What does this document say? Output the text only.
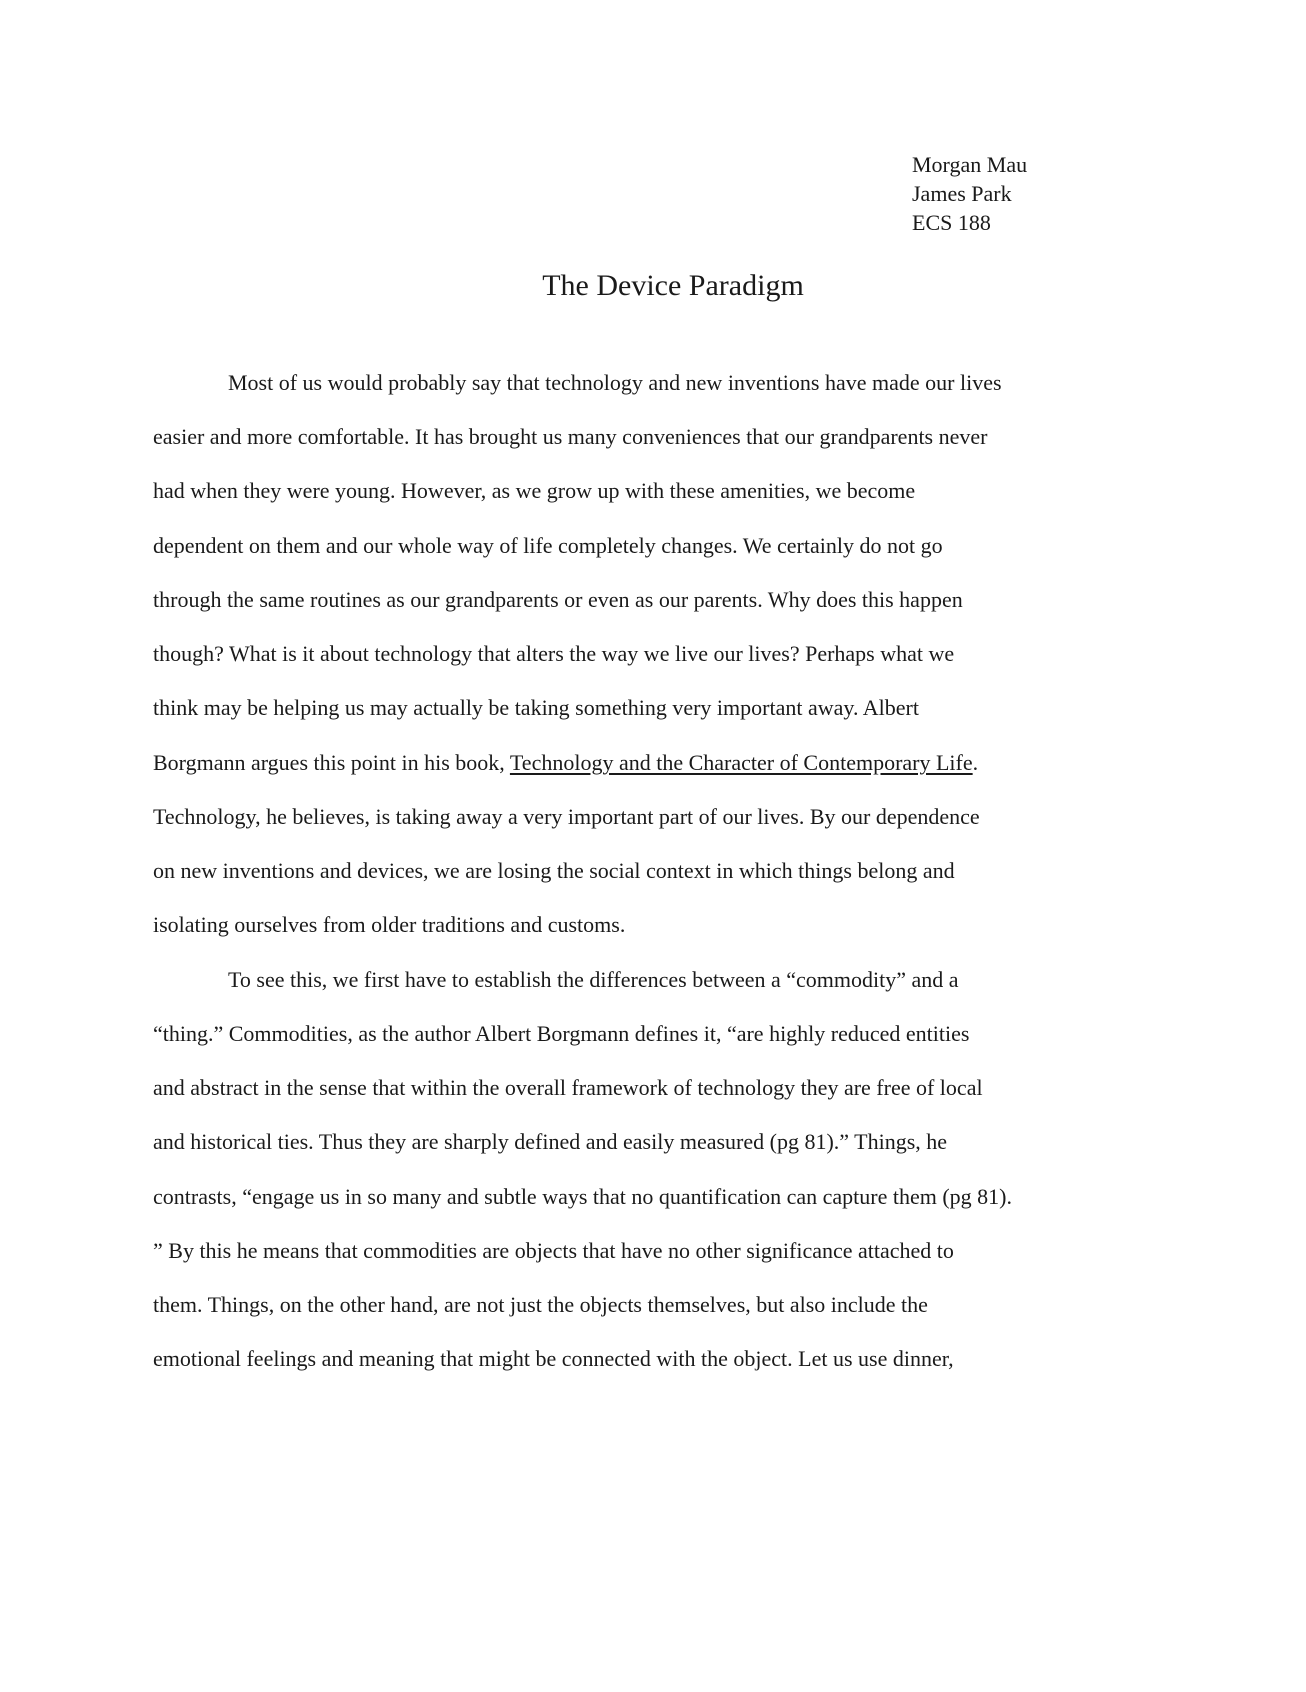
Morgan Mau
James Park
ECS 188
The Device Paradigm
Most of us would probably say that technology and new inventions have made our lives
easier and more comfortable. It has brought us many conveniences that our grandparents never
had when they were young. However, as we grow up with these amenities, we become
dependent on them and our whole way of life completely changes. We certainly do not go
through the same routines as our grandparents or even as our parents. Why does this happen
though? What is it about technology that alters the way we live our lives? Perhaps what we
think may be helping us may actually be taking something very important away. Albert
Borgmann argues this point in his book, Technology and the Character of Contemporary Life.
Technology, he believes, is taking away a very important part of our lives. By our dependence
on new inventions and devices, we are losing the social context in which things belong and
isolating ourselves from older traditions and customs.
To see this, we first have to establish the differences between a “commodity” and a
“thing.” Commodities, as the author Albert Borgmann defines it, “are highly reduced entities
and abstract in the sense that within the overall framework of technology they are free of local
and historical ties. Thus they are sharply defined and easily measured (pg 81).” Things, he
contrasts, “engage us in so many and subtle ways that no quantification can capture them (pg 81).
” By this he means that commodities are objects that have no other significance attached to
them. Things, on the other hand, are not just the objects themselves, but also include the
emotional feelings and meaning that might be connected with the object. Let us use dinner,
